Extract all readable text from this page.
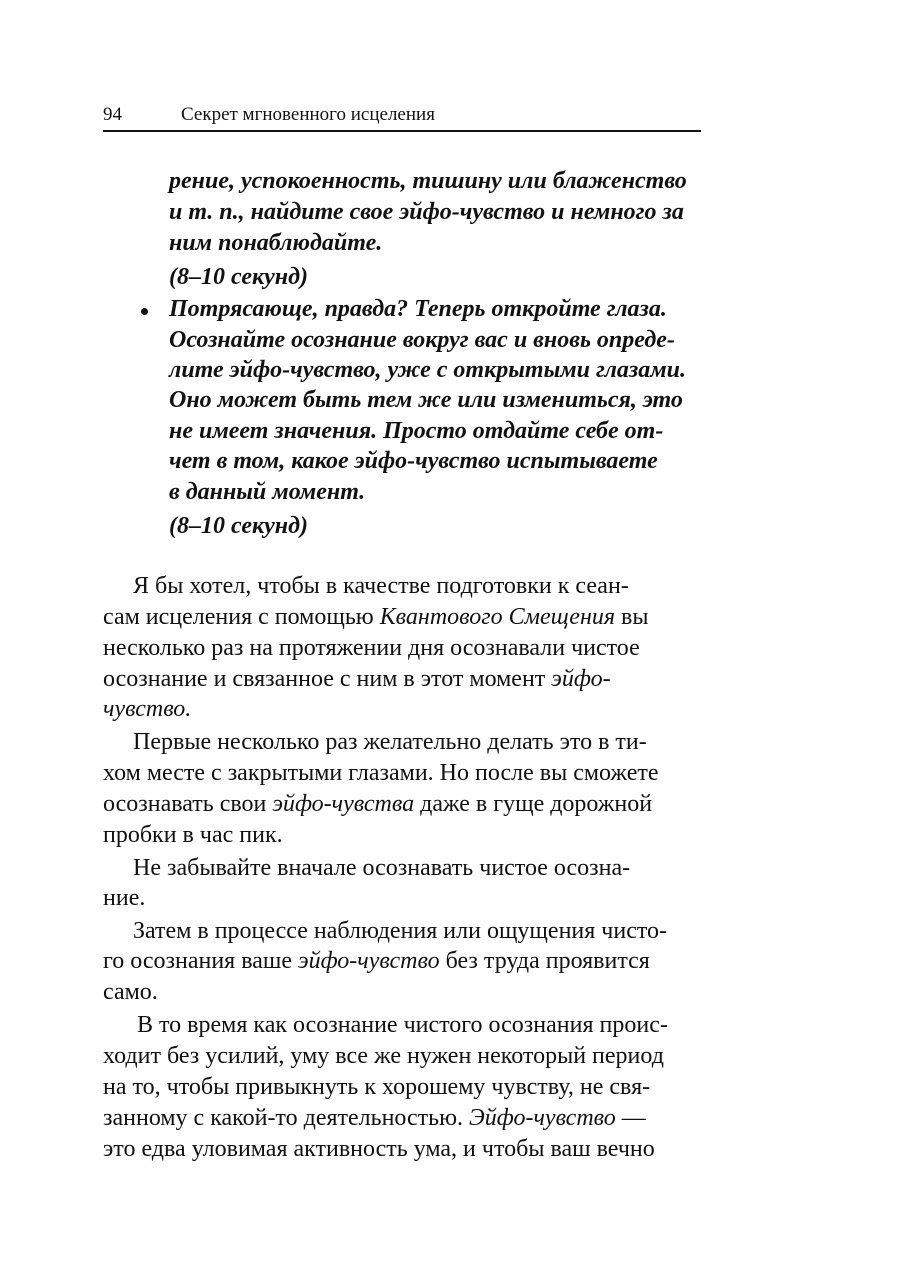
94	Секрет мгновенного исцеления
рение, успокоенность, тишину или блаженство
и т. п., найдите свое эйфо-чувство и немного за
ним понаблюдайте.
(8–10 секунд)
Потрясающе, правда? Теперь откройте глаза.
Осознайте осознание вокруг вас и вновь опреде-
лите эйфо-чувство, уже с открытыми глазами.
Оно может быть тем же или измениться, это
не имеет значения. Просто отдайте себе от-
чет в том, какое эйфо-чувство испытываете
в данный момент.
(8–10 секунд)
Я бы хотел, чтобы в качестве подготовки к сеан-
сам исцеления с помощью Квантового Смещения вы
несколько раз на протяжении дня осознавали чистое
осознание и связанное с ним в этот момент эйфо-
чувство.
Первые несколько раз желательно делать это в ти-
хом месте с закрытыми глазами. Но после вы сможете
осознавать свои эйфо-чувства даже в гуще дорожной
пробки в час пик.
Не забывайте вначале осознавать чистое осозна-
ние.
Затем в процессе наблюдения или ощущения чисто-
го осознания ваше эйфо-чувство без труда проявится
само.
В то время как осознание чистого осознания проис-
ходит без усилий, уму все же нужен некоторый период
на то, чтобы привыкнуть к хорошему чувству, не свя-
занному с какой-то деятельностью. Эйфо-чувство —
это едва уловимая активность ума, и чтобы ваш вечно
